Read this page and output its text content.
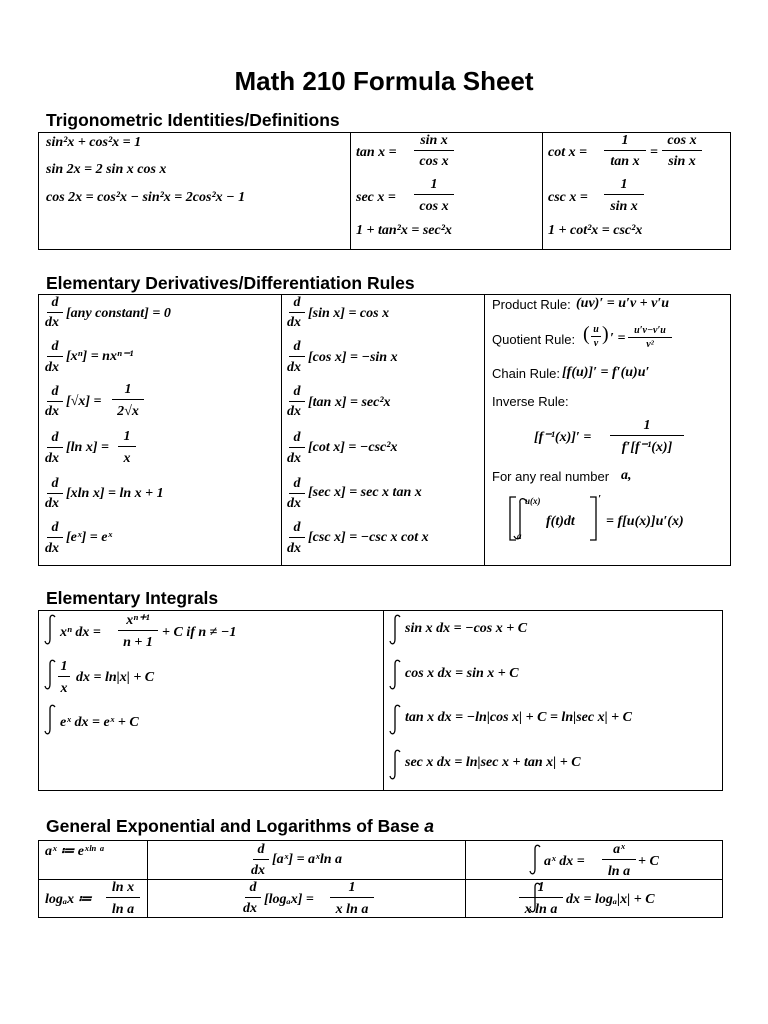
Math 210 Formula Sheet
Trigonometric Identities/Definitions
sin²x + cos²x = 1
sin 2x = 2 sin x cos x
cos 2x = cos²x − sin²x = 2cos²x − 1
tan x =
sin x
cos x
sec x =
1
cos x
1 + tan²x = sec²x
cot x =
1
tan x
=
cos x
sin x
csc x =
1
sin x
1 + cot²x = csc²x
Elementary Derivatives/Differentiation Rules
d
dx
[any constant] = 0
d
dx
[xⁿ] = nxⁿ⁻¹
d
dx
[√x] =
1
2√x
d
dx
[ln x] =
1
x
d
dx
[xln x] = ln x + 1
d
dx
[eˣ] = eˣ
d
dx
[sin x] = cos x
d
dx
[cos x] = −sin x
d
dx
[tan x] = sec²x
d
dx
[cot x] = −csc²x
d
dx
[sec x] = sec x tan x
d
dx
[csc x] = −csc x cot x
Product Rule: (uv)′ = u′v + v′u
Quotient Rule: ( u
v ) ′ =
u′v−v′u
v²
Chain Rule: [f(u)]′ = f′(u)u′
Inverse Rule:
[f⁻¹(x)]′ =
1
f′[f⁻¹(x)]
For any real number a,
u(x)
a
f(t)dt
′
= f[u(x)]u′(x)
Elementary Integrals
xⁿ dx =
xⁿ⁺¹
n + 1
+ C if n ≠ −1
1
x
dx = ln|x| + C
eˣ dx = eˣ + C
sin x dx = −cos x + C
cos x dx = sin x + C
tan x dx = −ln|cos x| + C = ln|sec x| + C
sec x dx = ln|sec x + tan x| + C
General Exponential and Logarithms of Base a
aˣ ≔ eˣˡⁿ ᵃ
logₐx ≔
ln x
ln a
d
dx
[aˣ] = aˣln a
d
dx
[logₐx] =
1
x ln a
aˣ dx =
aˣ
ln a
+ C
1
x ln a
dx = logₐ|x| + C
